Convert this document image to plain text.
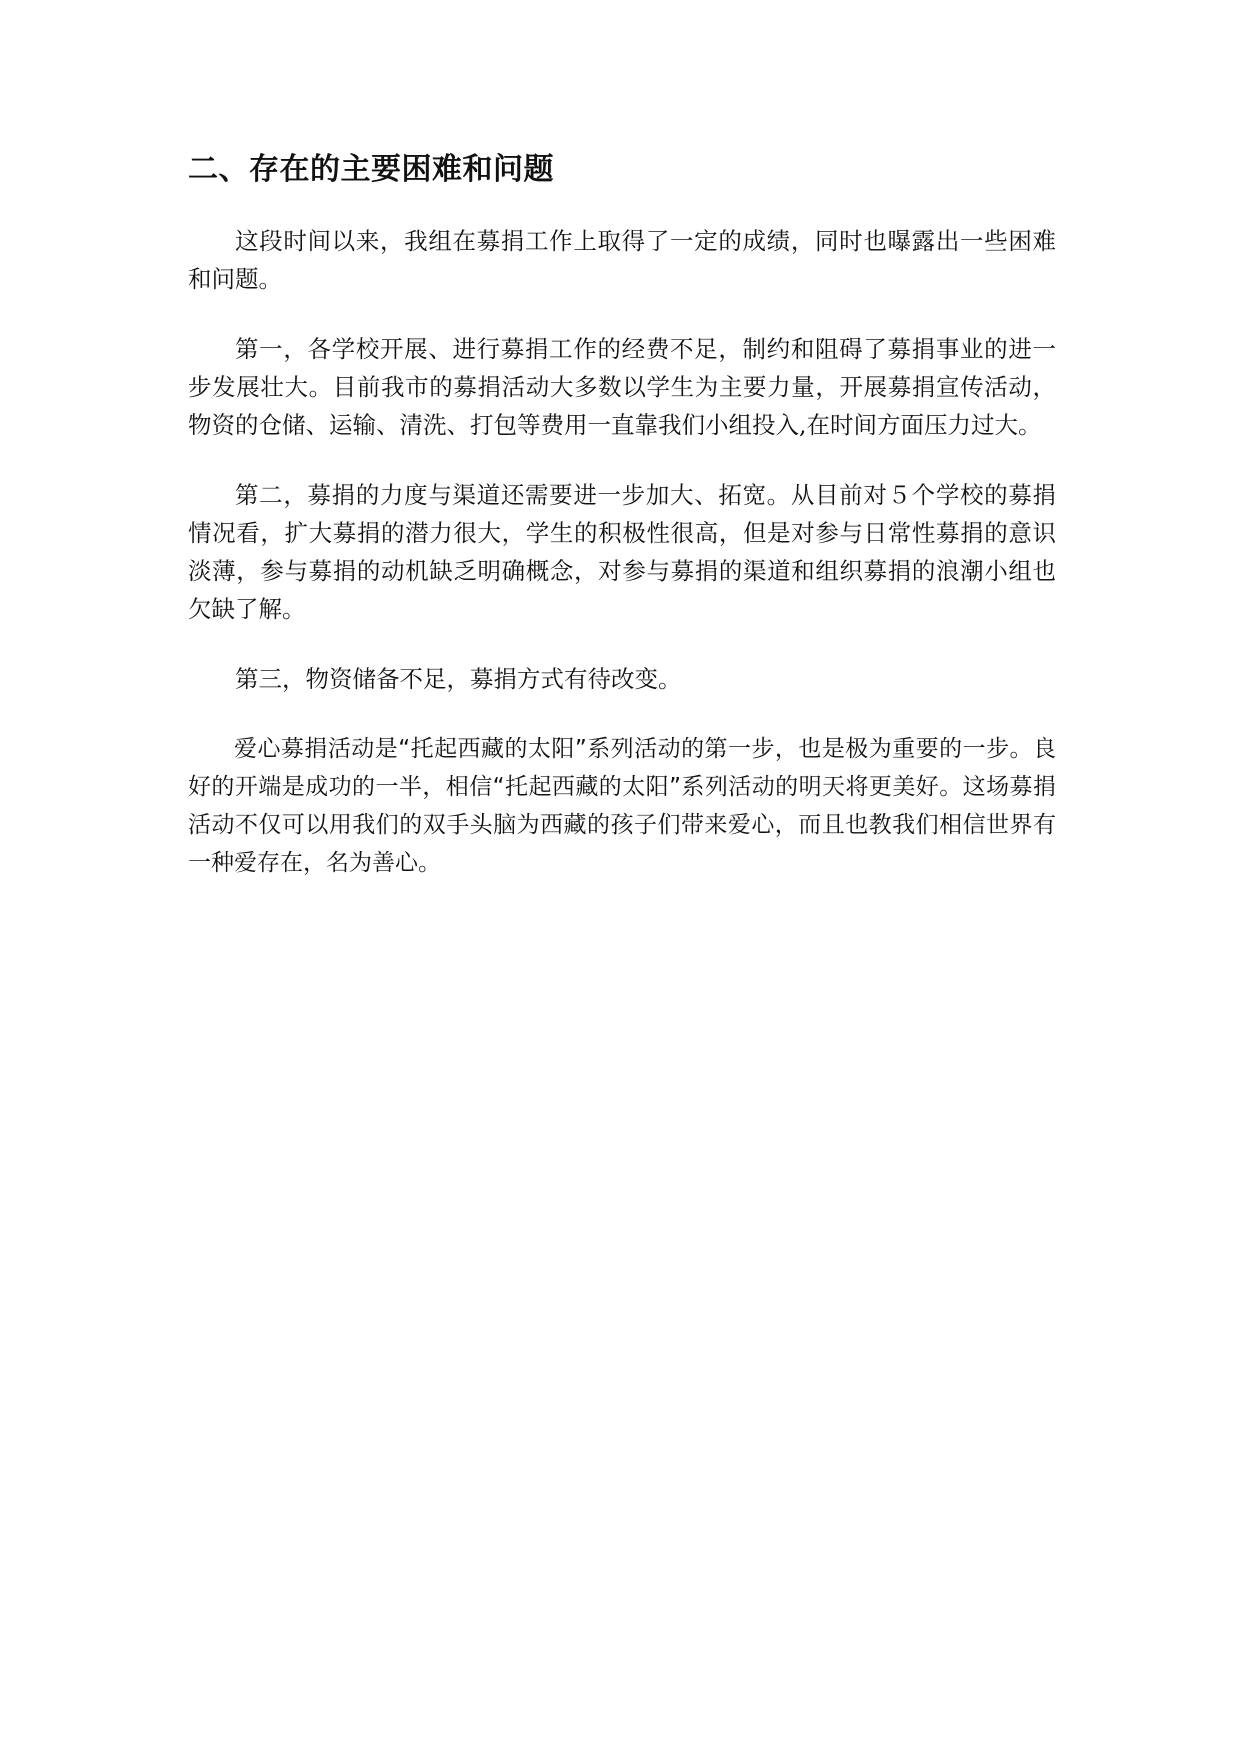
二、存在的主要困难和问题

这段时间以来，我组在募捐工作上取得了一定的成绩，同时也曝露出一些困难和问题。

第一，各学校开展、进行募捐工作的经费不足，制约和阻碍了募捐事业的进一步发展壮大。目前我市的募捐活动大多数以学生为主要力量，开展募捐宣传活动，物资的仓储、运输、清洗、打包等费用一直靠我们小组投入,在时间方面压力过大。

第二，募捐的力度与渠道还需要进一步加大、拓宽。从目前对５个学校的募捐情况看，扩大募捐的潜力很大，学生的积极性很高，但是对参与日常性募捐的意识淡薄，参与募捐的动机缺乏明确概念，对参与募捐的渠道和组织募捐的浪潮小组也欠缺了解。

第三，物资储备不足，募捐方式有待改变。

爱心募捐活动是“托起西藏的太阳”系列活动的第一步，也是极为重要的一步。良好的开端是成功的一半，相信“托起西藏的太阳”系列活动的明天将更美好。这场募捐活动不仅可以用我们的双手头脑为西藏的孩子们带来爱心，而且也教我们相信世界有一种爱存在，名为善心。
